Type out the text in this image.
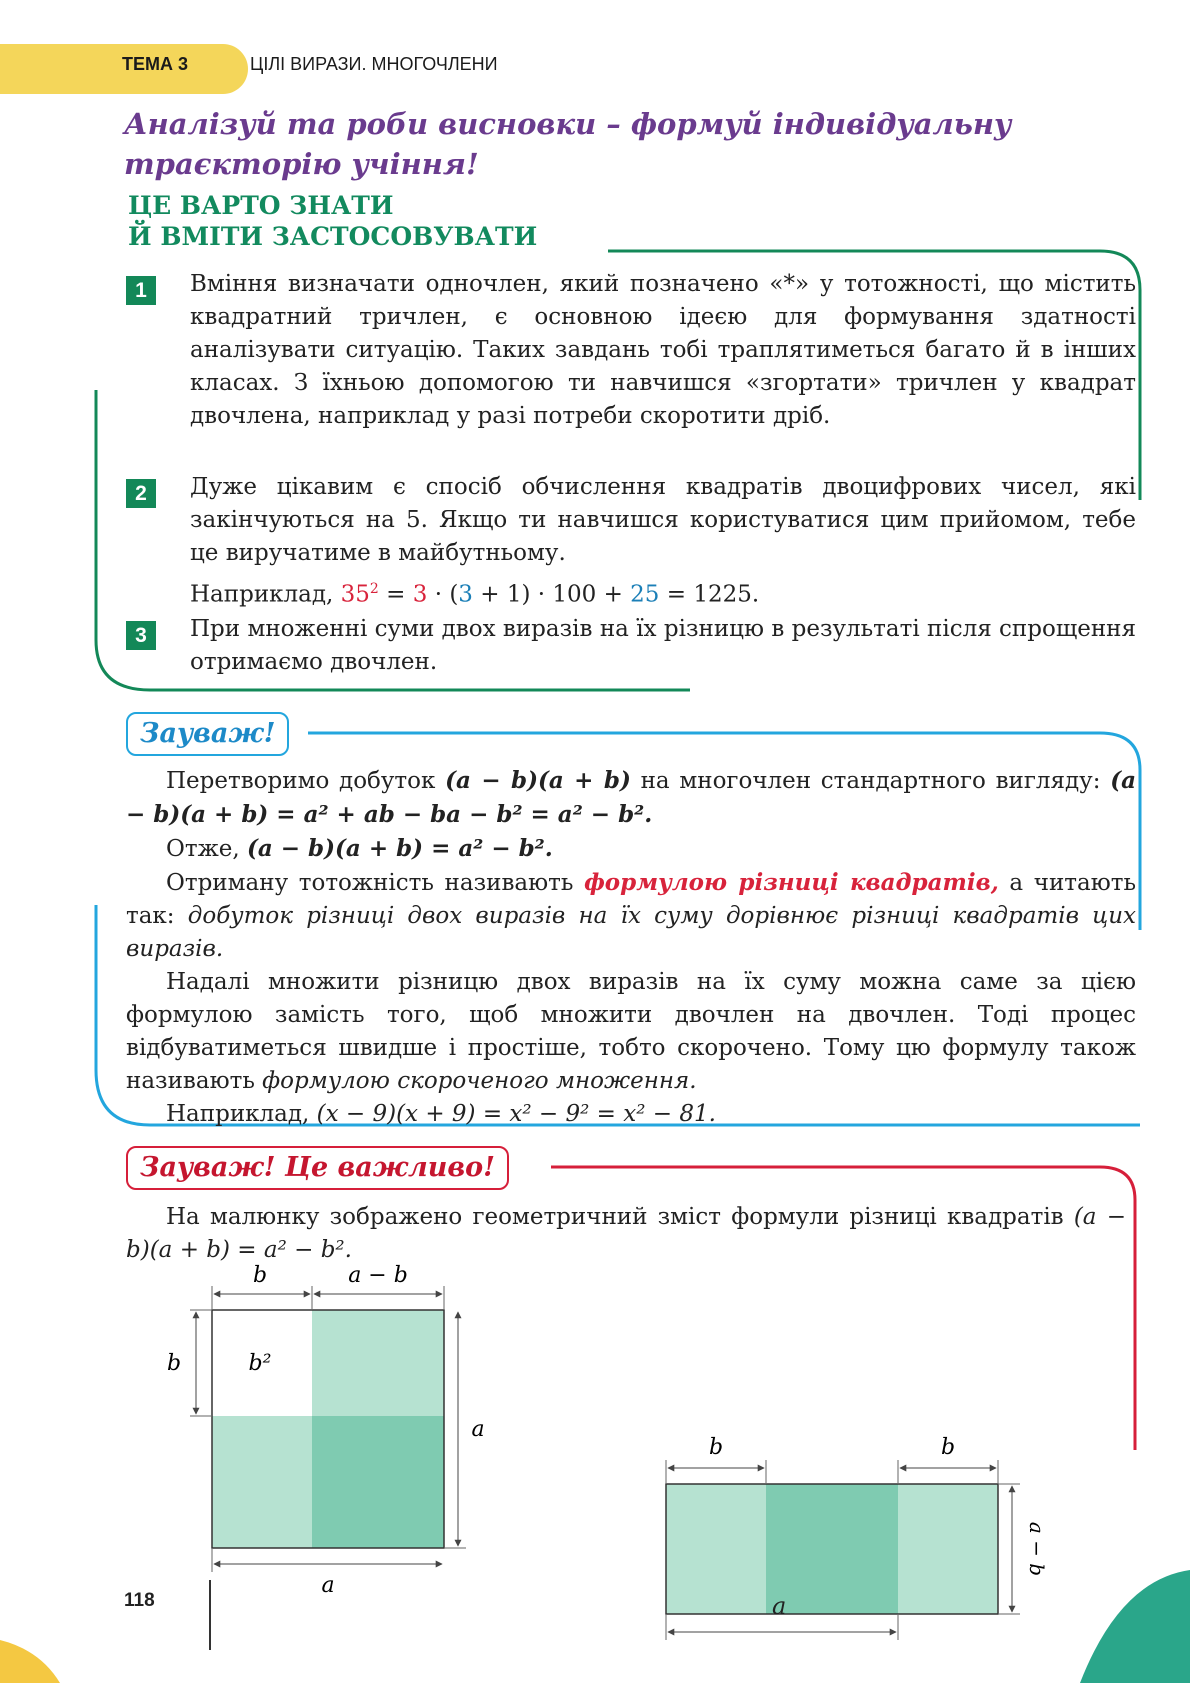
ТЕМА 3	ЦІЛІ ВИРАЗИ. МНОГОЧЛЕНИ
Аналізуй та роби висновки – формуй індивідуальну траєкторію учіння!
ЦЕ ВАРТО ЗНАТИ
Й ВМІТИ ЗАСТОСОВУВАТИ
1	Вміння визначати одночлен, який позначено «*» у тотожності, що містить квадратний тричлен, є основною ідеєю для формування здатності аналізувати ситуацію. Таких завдань тобі траплятиметься багато й в інших класах. З їхньою допомогою ти навчишся «згортати» тричлен у квадрат двочлена, наприклад у разі потреби скоротити дріб.
2	Дуже цікавим є спосіб обчислення квадратів двоцифрових чисел, які закінчуються на 5. Якщо ти навчишся користуватися цим прийомом, тебе це виручатиме в майбутньому.
Наприклад, $35^2 = 3 \cdot (3 + 1) \cdot 100 + 25 = 1225$.
3	При множенні суми двох виразів на їх різницю в результаті після спрощення отримаємо двочлен.
Зауваж!

Перетворимо добуток (a − b)(a + b) на многочлен стандартного вигляду: (a − b)(a + b) = a² + ab − ba − b² = a² − b².

Отже, (a − b)(a + b) = a² − b².

Отриману тотожність називають формулою різниці квадратів, а читають так: добуток різниці двох виразів на їх суму дорівнює різниці квадратів цих виразів.

Надалі множити різницю двох виразів на їх суму можна саме за цією формулою замість того, щоб множити двочлен на двочлен. Тоді процес відбуватиметься швидше і простіше, тобто скорочено. Тому цю формулу також називають формулою скороченого множення.

Наприклад, (x − 9)(x + 9) = x² − 9² = x² − 81.

Зауваж! Це важливо!

На малюнку зображено геометричний зміст формули різниці квадратів (a − b)(a + b) = a² − b².

b	a − b
b	b²
a
a
b	b
a − b
a
118
